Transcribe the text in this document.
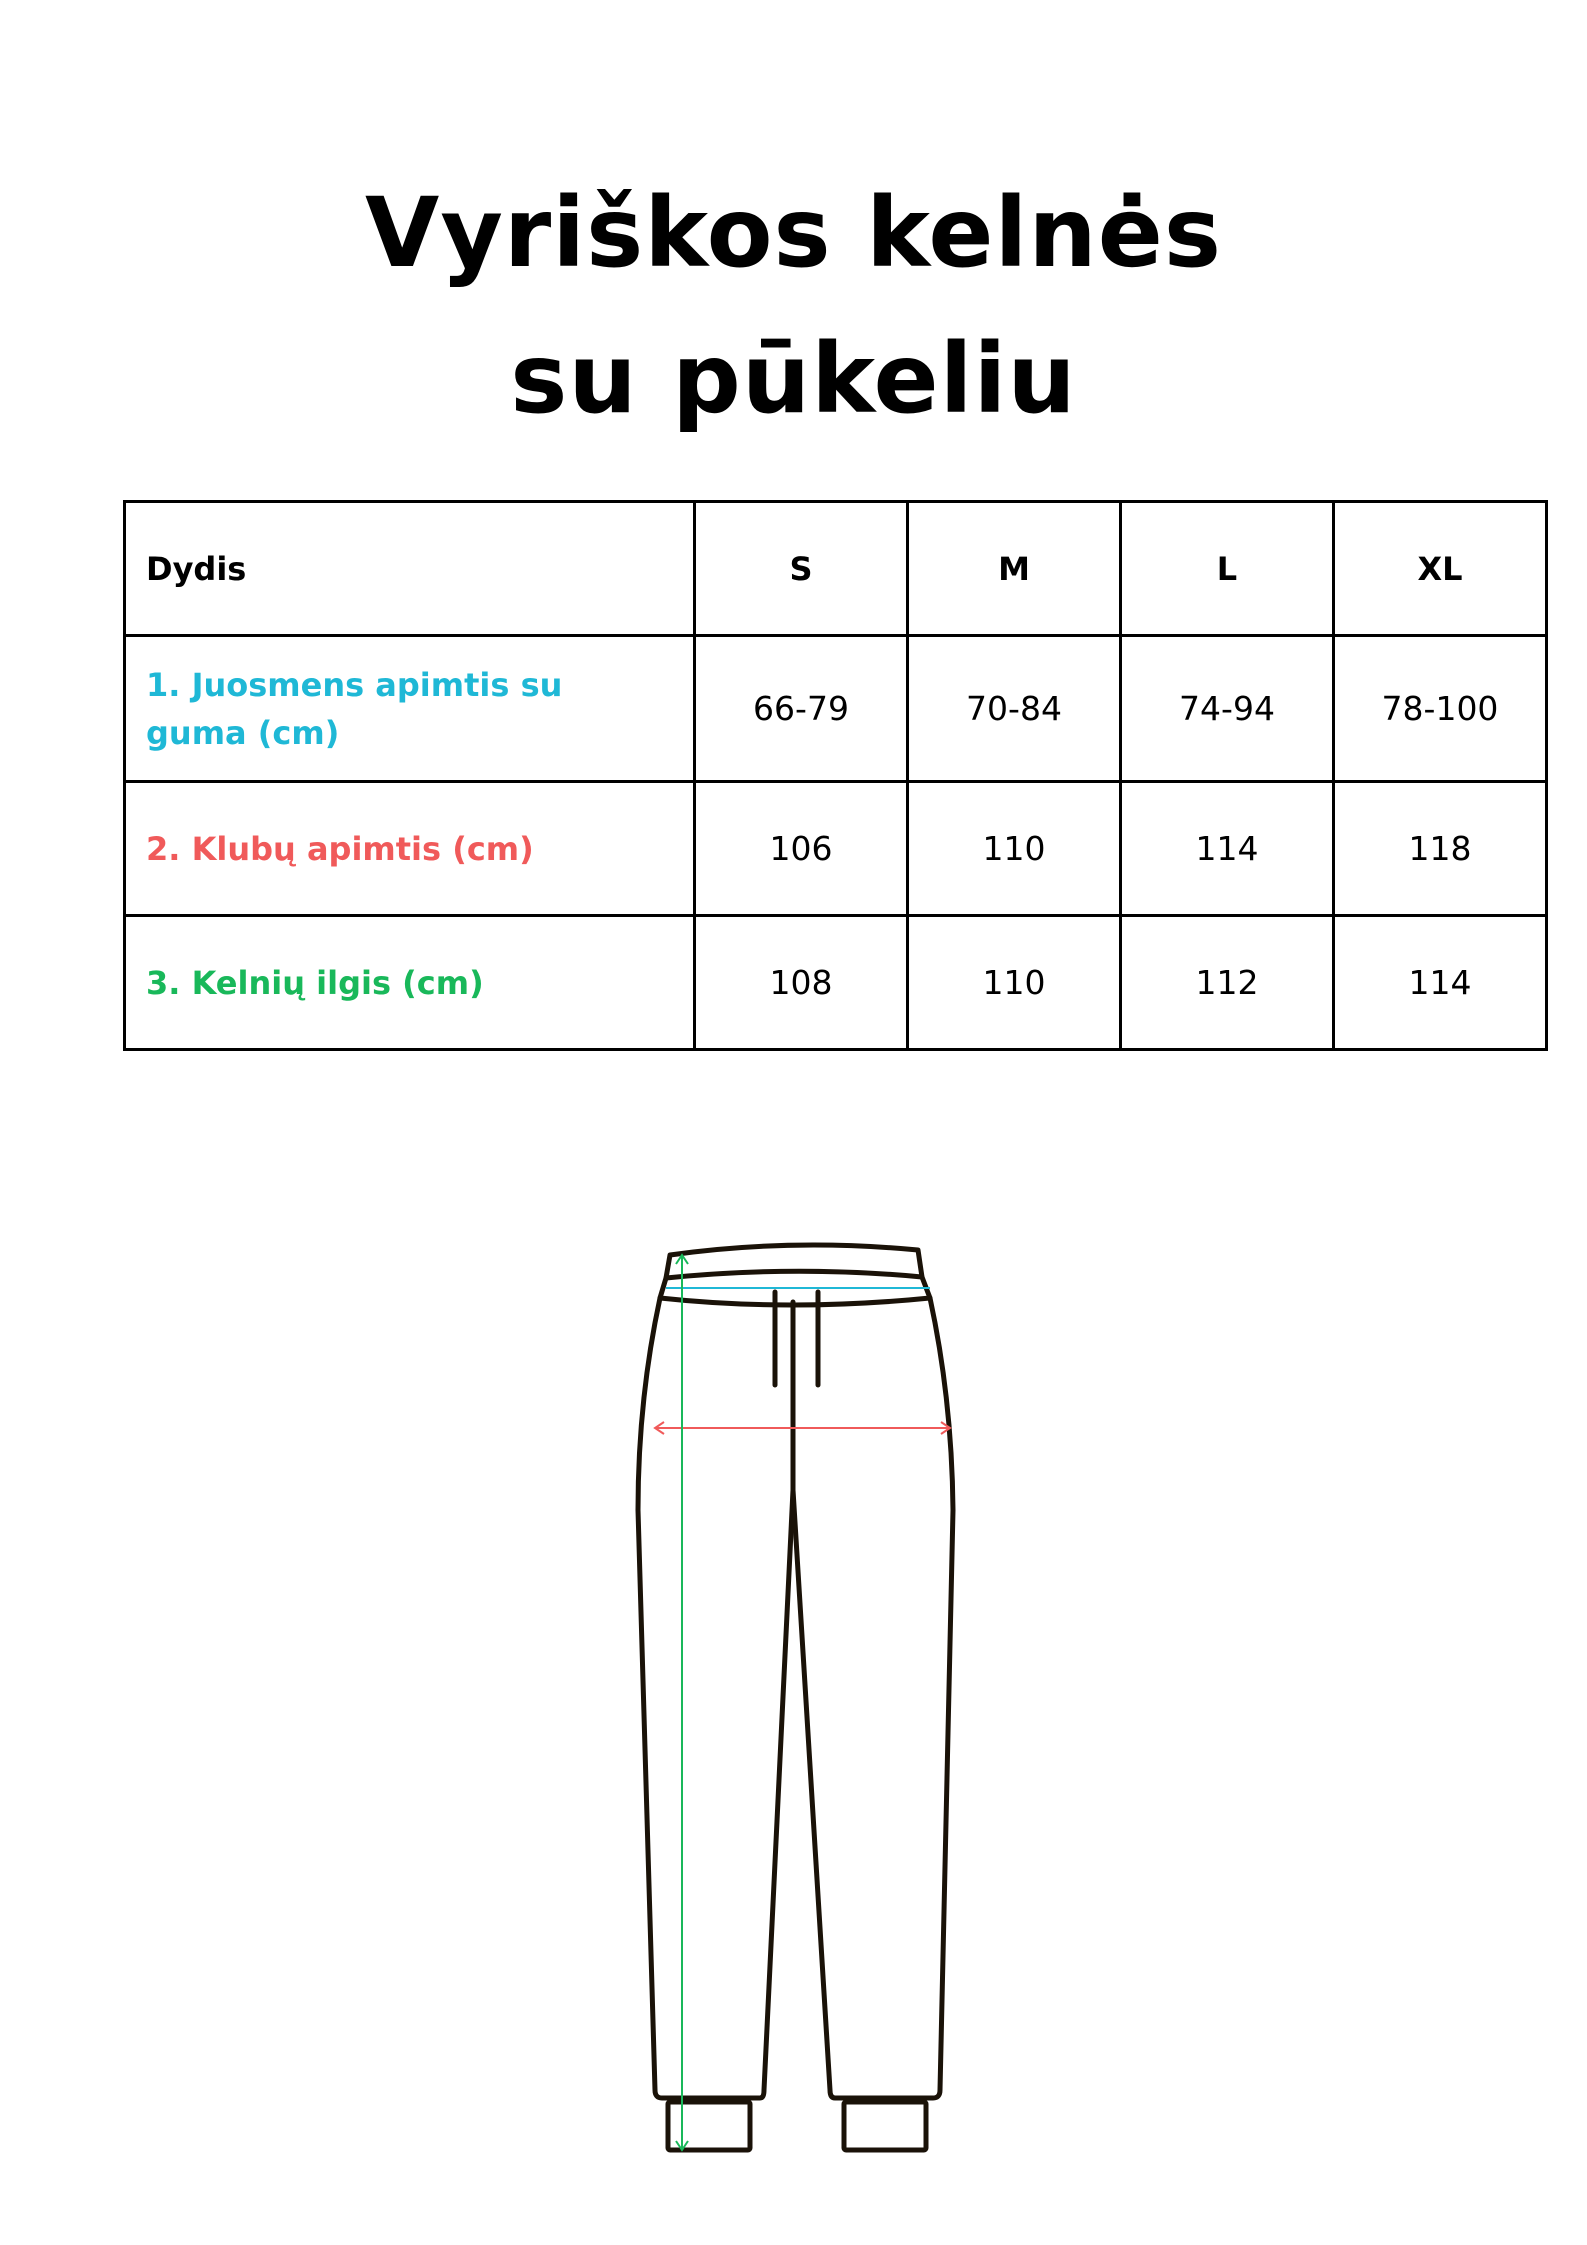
Vyriškos kelnės
su pūkeliu
Dydis	S	M	L	XL
1. Juosmens apimtis su guma (cm)	66-79	70-84	74-94	78-100
2. Klubų apimtis (cm)	106	110	114	118
3. Kelnių ilgis (cm)	108	110	112	114
